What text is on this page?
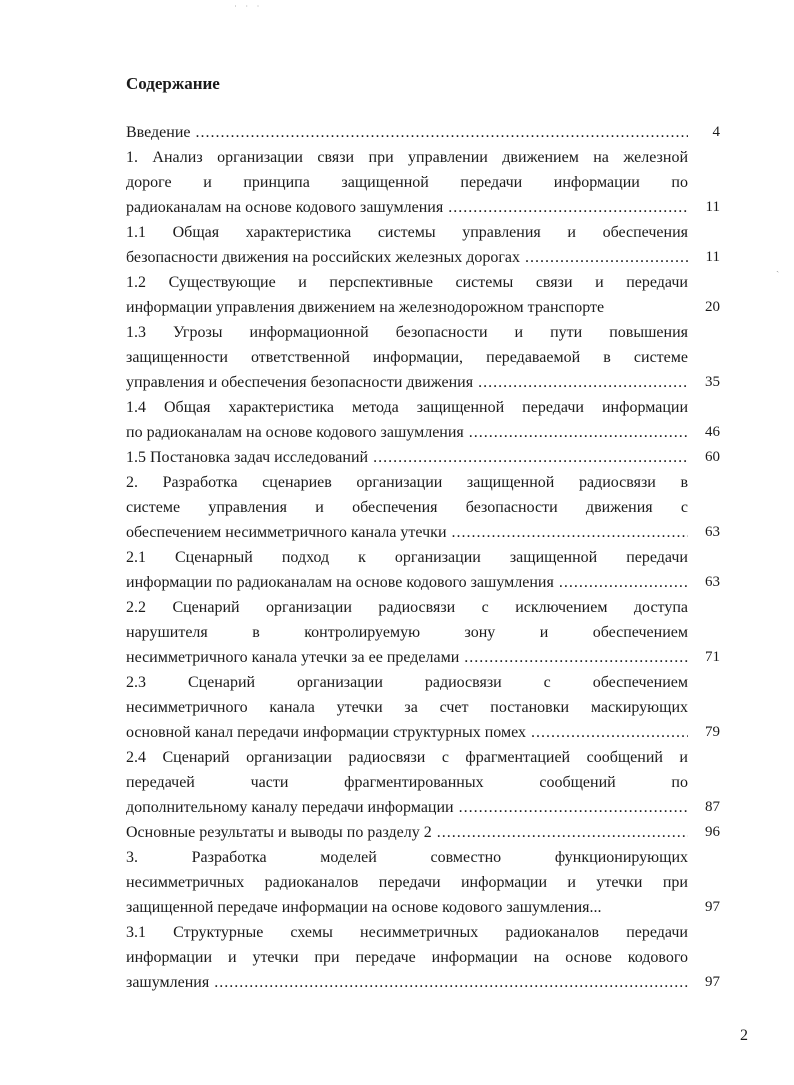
˙ ˙ ˙
ˏ
Содержание
Введение .....	4
1. Анализ организации связи при управлении движением на железной
дороге и принципа защищенной передачи информации по
радиоканалам на основе кодового зашумления .....	11
1.1 Общая характеристика системы управления и обеспечения
безопасности движения на российских железных дорогах .....	11
1.2 Существующие и перспективные системы связи и передачи
информации управления движением на железнодорожном транспорте	20
1.3 Угрозы информационной безопасности и пути повышения
защищенности ответственной информации, передаваемой в системе
управления и обеспечения безопасности движения .....	35
1.4 Общая характеристика метода защищенной передачи информации
по радиоканалам на основе кодового зашумления .....	46
1.5 Постановка задач исследований .....	60
2. Разработка сценариев организации защищенной радиосвязи в
системе управления и обеспечения безопасности движения с
обеспечением несимметричного канала утечки .....	63
2.1 Сценарный подход к организации защищенной передачи
информации по радиоканалам на основе кодового зашумления .....	63
2.2 Сценарий организации радиосвязи с исключением доступа
нарушителя в контролируемую зону и обеспечением
несимметричного канала утечки за ее пределами .....	71
2.3 Сценарий организации радиосвязи с обеспечением
несимметричного канала утечки за счет постановки маскирующих
основной канал передачи информации структурных помех .....	79
2.4 Сценарий организации радиосвязи с фрагментацией сообщений и
передачей части фрагментированных сообщений по
дополнительному каналу передачи информации .....	87
Основные результаты и выводы по разделу 2 .....	96
3. Разработка моделей совместно функционирующих
несимметричных радиоканалов передачи информации и утечки при
защищенной передаче информации на основе кодового зашумления...	97
3.1 Структурные схемы несимметричных радиоканалов передачи
информации и утечки при передаче информации на основе кодового
зашумления .....	97
2
